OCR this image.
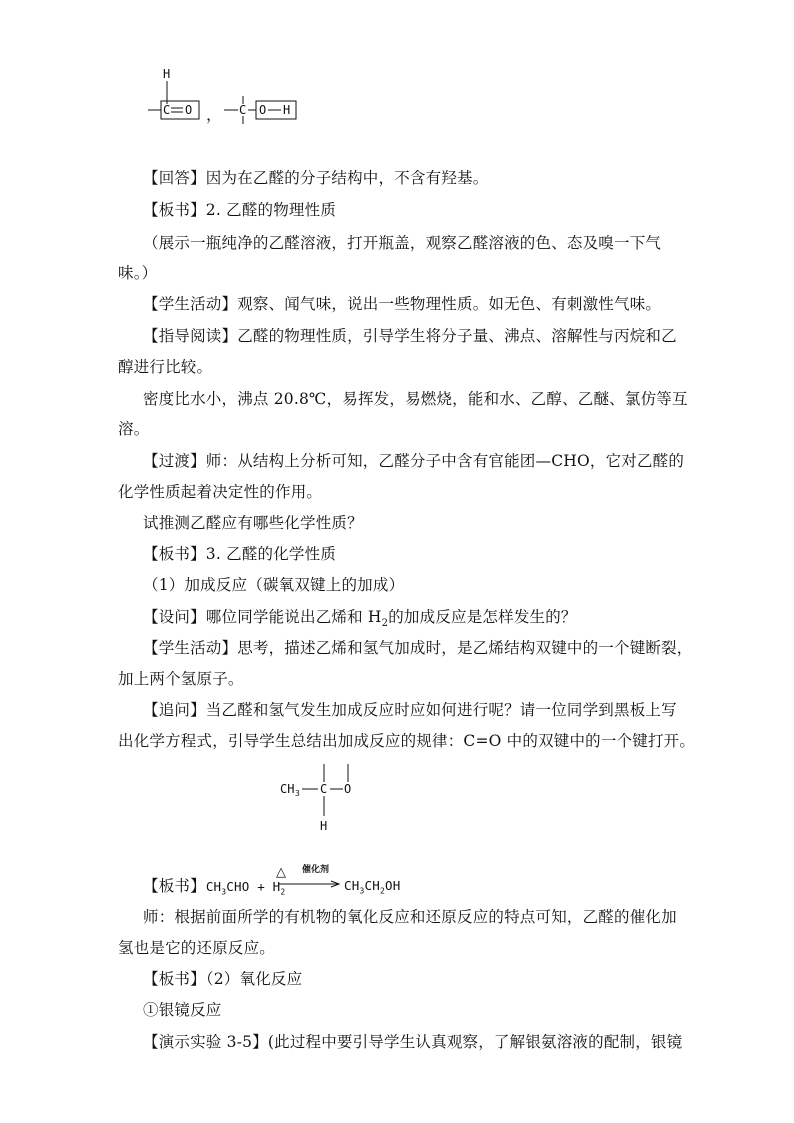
H
C O ， C O H
【回答】因为在乙醛的分子结构中，不含有羟基。
【板书】2. 乙醛的物理性质
（展示一瓶纯净的乙醛溶液，打开瓶盖，观察乙醛溶液的色、态及嗅一下气
味。）
【学生活动】观察、闻气味，说出一些物理性质。如无色、有刺激性气味。
【指导阅读】乙醛的物理性质，引导学生将分子量、沸点、溶解性与丙烷和乙
醇进行比较。
密度比水小，沸点 20.8℃，易挥发，易燃烧，能和水、乙醇、乙醚、氯仿等互
溶。
【过渡】师：从结构上分析可知，乙醛分子中含有官能团—CHO，它对乙醛的
化学性质起着决定性的作用。
试推测乙醛应有哪些化学性质？
【板书】3. 乙醛的化学性质
（1）加成反应（碳氧双键上的加成）
【设问】哪位同学能说出乙烯和 $H_2$的加成反应是怎样发生的？
【学生活动】思考，描述乙烯和氢气加成时，是乙烯结构双键中的一个键断裂，
加上两个氢原子。
【追问】当乙醛和氢气发生加成反应时应如何进行呢？请一位同学到黑板上写
出化学方程式，引导学生总结出加成反应的规律：C=O 中的双键中的一个键打开。
CH 3 C O
H
【板书】$CH_3CHO + H_2$
△ 催化剂
$CH_3CH_2OH$
师：根据前面所学的有机物的氧化反应和还原反应的特点可知，乙醛的催化加
氢也是它的还原反应。
【板书】（2）氧化反应
①银镜反应
【演示实验 3-5】(此过程中要引导学生认真观察，了解银氨溶液的配制，银镜
